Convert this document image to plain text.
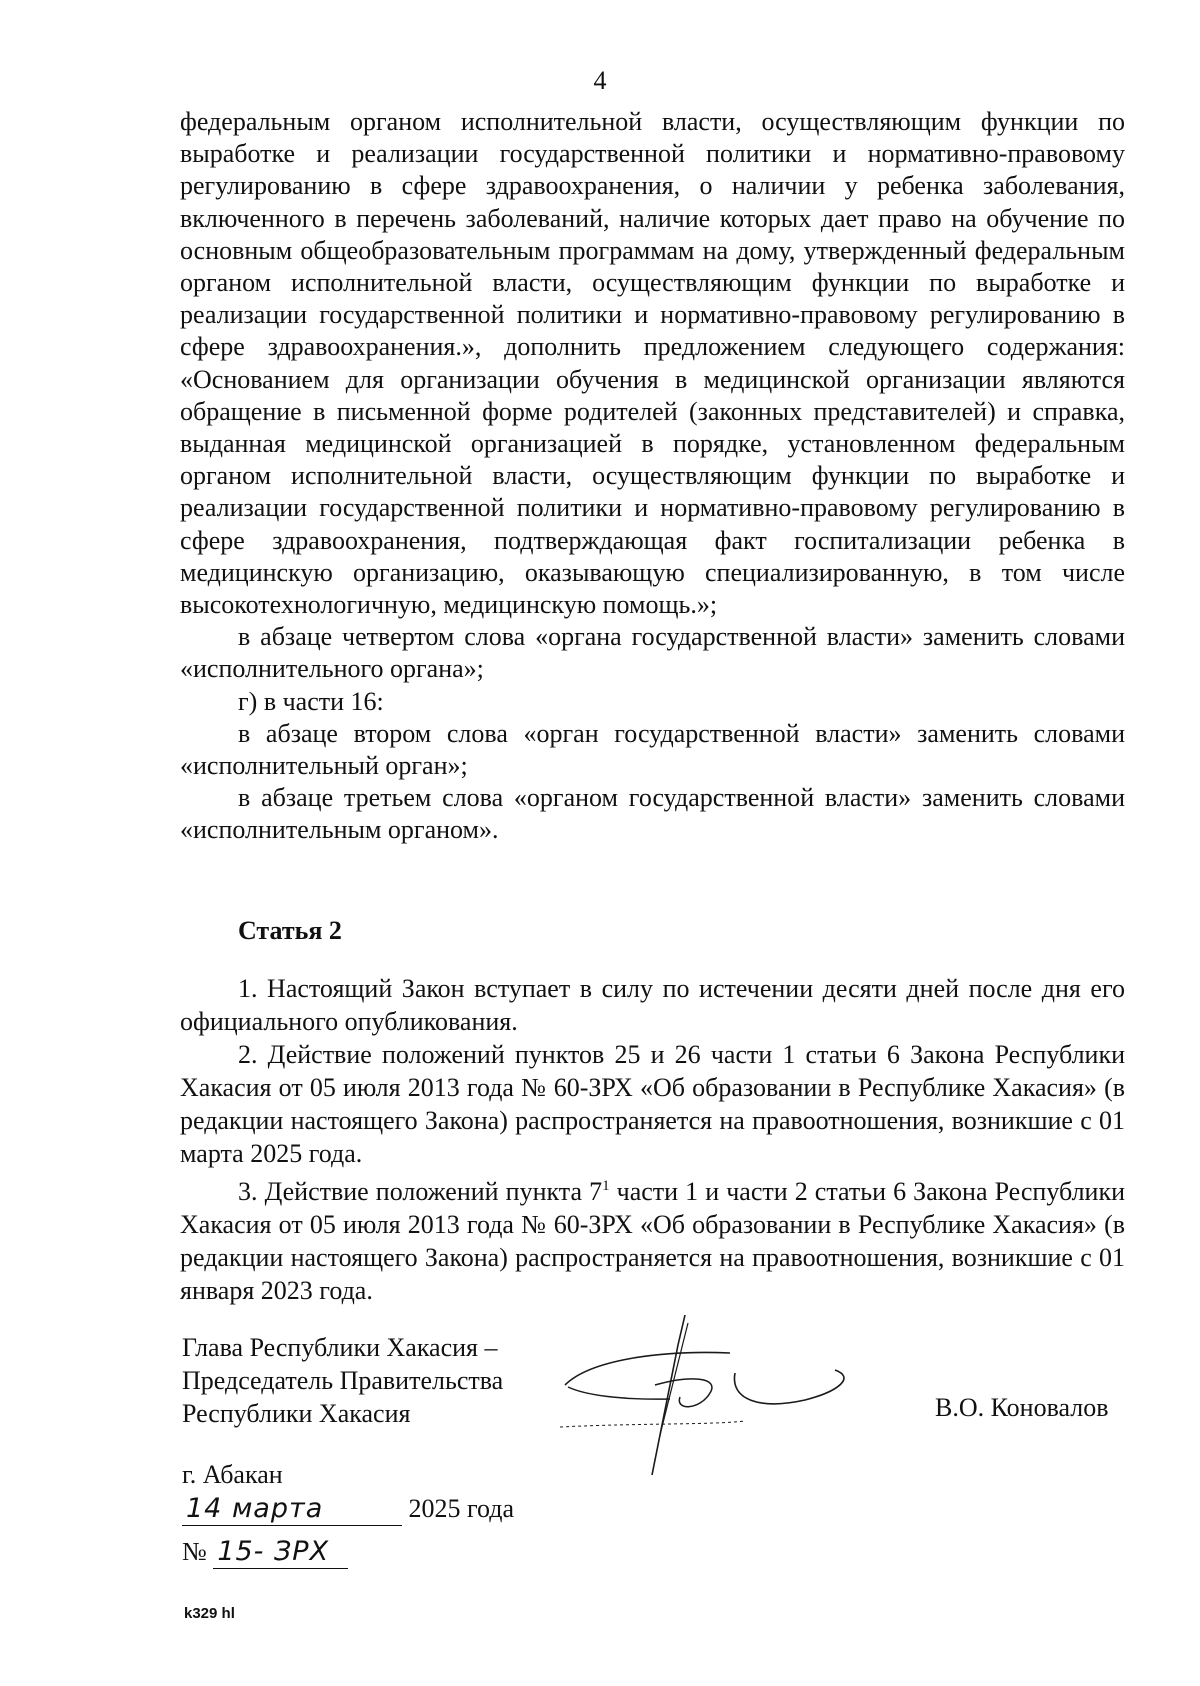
4

федеральным органом исполнительной власти, осуществляющим функции по выработке и реализации государственной политики и нормативно-правовому регулированию в сфере здравоохранения, о наличии у ребенка заболевания, включенного в перечень заболеваний, наличие которых дает право на обучение по основным общеобразовательным программам на дому, утвержденный федеральным органом исполнительной власти, осуществляющим функции по выработке и реализации государственной политики и нормативно-правовому регулированию в сфере здравоохранения.», дополнить предложением следующего содержания: «Основанием для организации обучения в медицинской организации являются обращение в письменной форме родителей (законных представителей) и справка, выданная медицинской организацией в порядке, установленном федеральным органом исполнительной власти, осуществляющим функции по выработке и реализации государственной политики и нормативно-правовому регулированию в сфере здравоохранения, подтверждающая факт госпитализации ребенка в медицинскую организацию, оказывающую специализированную, в том числе высокотехнологичную, медицинскую помощь.»;

в абзаце четвертом слова «органа государственной власти» заменить словами «исполнительного органа»;

г) в части 16:

в абзаце втором слова «орган государственной власти» заменить словами «исполнительный орган»;

в абзаце третьем слова «органом государственной власти» заменить словами «исполнительным органом».

Статья 2

1. Настоящий Закон вступает в силу по истечении десяти дней после дня его официального опубликования.

2. Действие положений пунктов 25 и 26 части 1 статьи 6 Закона Республики Хакасия от 05 июля 2013 года № 60-ЗРХ «Об образовании в Республике Хакасия» (в редакции настоящего Закона) распространяется на правоотношения, возникшие с 01 марта 2025 года.

3. Действие положений пункта $7^1$ части 1 и части 2 статьи 6 Закона Республики Хакасия от 05 июля 2013 года № 60-ЗРХ «Об образовании в Республике Хакасия» (в редакции настоящего Закона) распространяется на правоотношения, возникшие с 01 января 2023 года.

Глава Республики Хакасия –
Председатель Правительства
Республики Хакасия	В.О. Коновалов
г. Абакан
14 марта	2025 года
№ 15- ЗРХ
k329 hl
